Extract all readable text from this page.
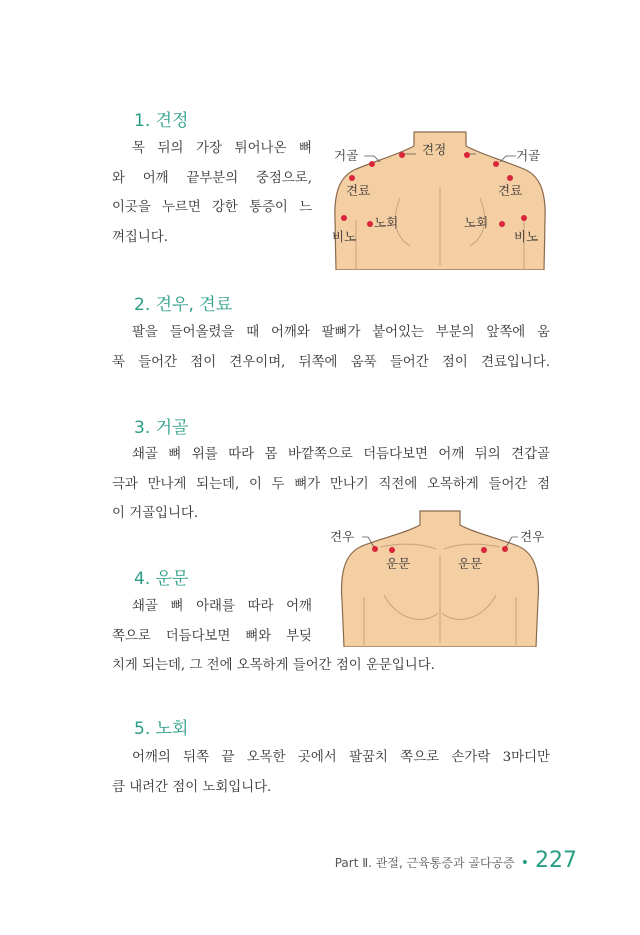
1. 견정
목 뒤의 가장 튀어나온 뼈
와 어깨 끝부분의 중점으로,
이곳을 누르면 강한 통증이 느
껴집니다.
견정
거골	거골
견료	견료
노회	노회
비노	비노
2. 견우, 견료
팔을 들어올렸을 때 어깨와 팔뼈가 붙어있는 부분의 앞쪽에 움
푹 들어간 점이 견우이며, 뒤쪽에 움푹 들어간 점이 견료입니다.
3. 거골
쇄골 뼈 위를 따라 몸 바깥쪽으로 더듬다보면 어깨 뒤의 견갑골
극과 만나게 되는데, 이 두 뼈가 만나기 직전에 오목하게 들어간 점
이 거골입니다.
견우	견우
운문	운문
4. 운문
쇄골 뼈 아래를 따라 어깨
쪽으로 더듬다보면 뼈와 부딪
치게 되는데, 그 전에 오목하게 들어간 점이 운문입니다.
5. 노회
어깨의 뒤쪽 끝 오목한 곳에서 팔꿈치 쪽으로 손가락 3마디만
큼 내려간 점이 노회입니다.
Part Ⅱ. 관절, 근육통증과 골다공증 • 227
